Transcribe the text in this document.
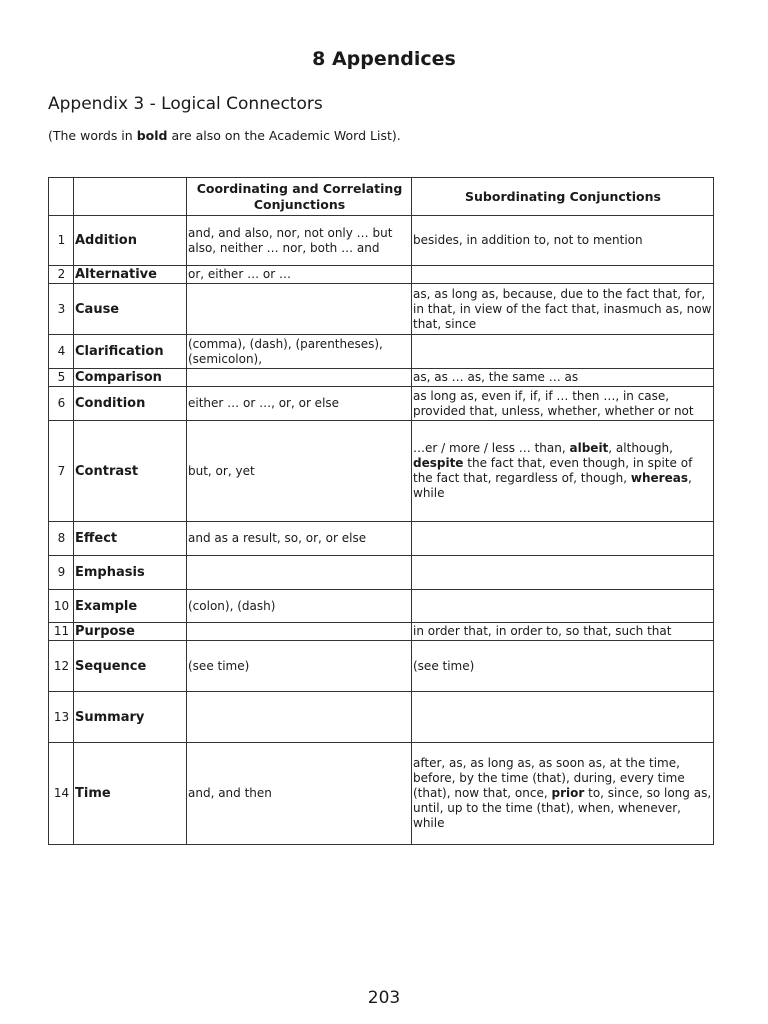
8 Appendices
Appendix 3 - Logical Connectors

(The words in bold are also on the Academic Word List).

		Coordinating and Correlating Conjunctions	Subordinating Conjunctions
1	Addition	and, and also, nor, not only … but also, neither … nor, both … and	besides, in addition to, not to mention
2	Alternative	or, either … or …	
3	Cause		as, as long as, because, due to the fact that, for, in that, in view of the fact that, inasmuch as, now that, since
4	Clarification	(comma), (dash), (parentheses), (semicolon),	
5	Comparison		as, as … as, the same … as
6	Condition	either … or …, or, or else	as long as, even if, if, if … then …, in case, provided that, unless, whether, whether or not
7	Contrast	but, or, yet	…er / more / less … than, albeit, although, despite the fact that, even though, in spite of the fact that, regardless of, though, whereas, while
8	Effect	and as a result, so, or, or else	
9	Emphasis		
10	Example	(colon), (dash)	
11	Purpose		in order that, in order to, so that, such that
12	Sequence	(see time)	(see time)
13	Summary		
14	Time	and, and then	after, as, as long as, as soon as, at the time, before, by the time (that), during, every time (that), now that, once, prior to, since, so long as, until, up to the time (that), when, whenever, while

203
